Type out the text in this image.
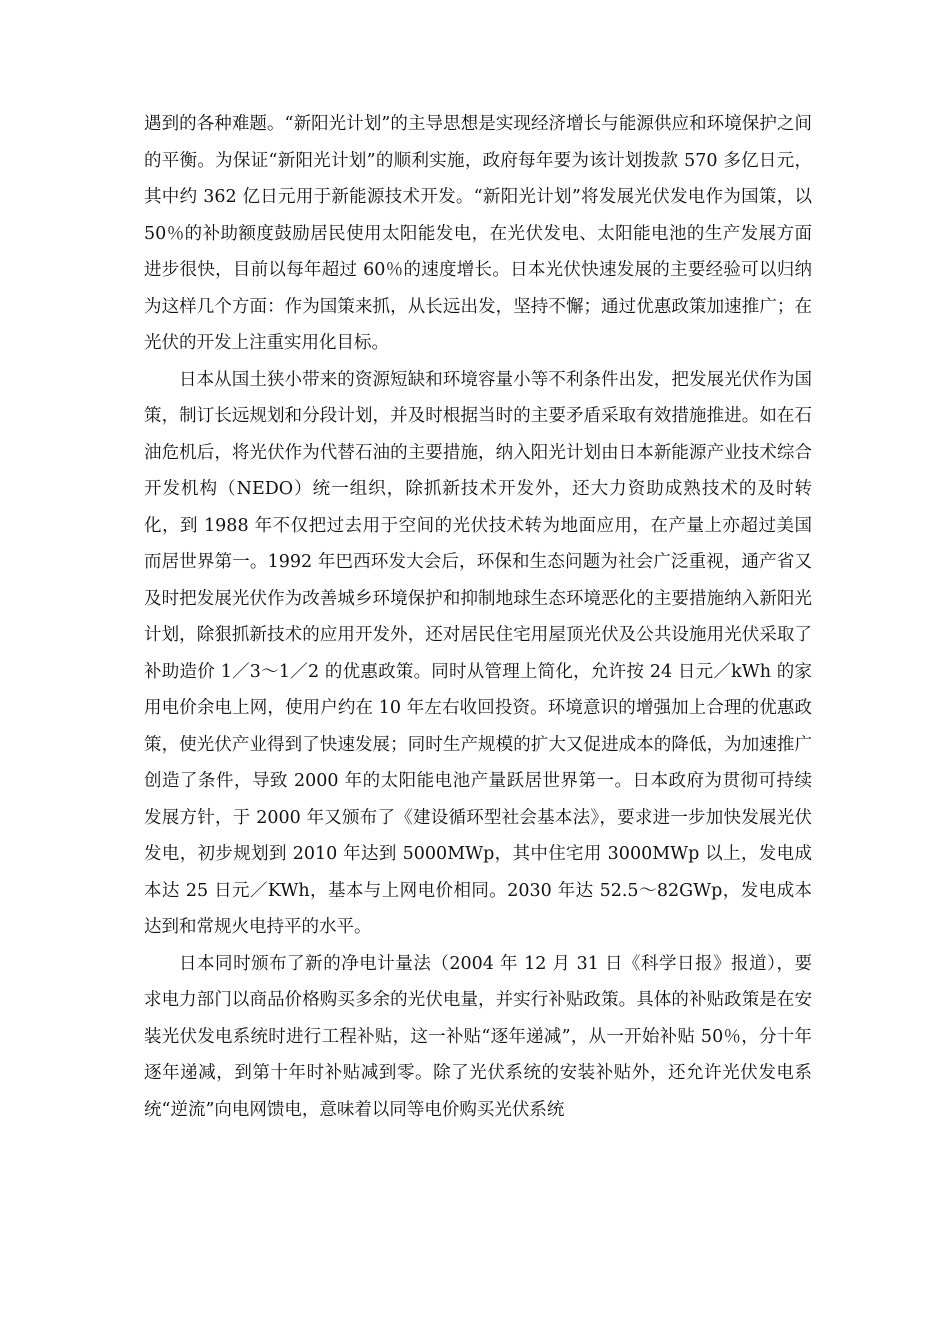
遇到的各种难题。“新阳光计划”的主导思想是实现经济增长与能源供应和环境保护之间的平衡。为保证“新阳光计划”的顺利实施，政府每年要为该计划拨款 570 多亿日元，其中约 362 亿日元用于新能源技术开发。“新阳光计划”将发展光伏发电作为国策，以 50％的补助额度鼓励居民使用太阳能发电，在光伏发电、太阳能电池的生产发展方面进步很快，目前以每年超过 60％的速度增长。日本光伏快速发展的主要经验可以归纳为这样几个方面：作为国策来抓，从长远出发，坚持不懈；通过优惠政策加速推广；在光伏的开发上注重实用化目标。

日本从国土狭小带来的资源短缺和环境容量小等不利条件出发，把发展光伏作为国策，制订长远规划和分段计划，并及时根据当时的主要矛盾采取有效措施推进。如在石油危机后，将光伏作为代替石油的主要措施，纳入阳光计划由日本新能源产业技术综合开发机构（NEDO）统一组织，除抓新技术开发外，还大力资助成熟技术的及时转化，到 1988 年不仅把过去用于空间的光伏技术转为地面应用，在产量上亦超过美国而居世界第一。1992 年巴西环发大会后，环保和生态问题为社会广泛重视，通产省又及时把发展光伏作为改善城乡环境保护和抑制地球生态环境恶化的主要措施纳入新阳光计划，除狠抓新技术的应用开发外，还对居民住宅用屋顶光伏及公共设施用光伏采取了补助造价 1／3～1／2 的优惠政策。同时从管理上简化，允许按 24 日元／kWh 的家用电价余电上网，使用户约在 10 年左右收回投资。环境意识的增强加上合理的优惠政策，使光伏产业得到了快速发展；同时生产规模的扩大又促进成本的降低，为加速推广创造了条件，导致 2000 年的太阳能电池产量跃居世界第一。日本政府为贯彻可持续发展方针，于 2000 年又颁布了《建设循环型社会基本法》，要求进一步加快发展光伏发电，初步规划到 2010 年达到 5000MWp，其中住宅用 3000MWp 以上，发电成本达 25 日元／KWh，基本与上网电价相同。2030 年达 52.5～82GWp，发电成本达到和常规火电持平的水平。

日本同时颁布了新的净电计量法（2004 年 12 月 31 日《科学日报》报道），要求电力部门以商品价格购买多余的光伏电量，并实行补贴政策。具体的补贴政策是在安装光伏发电系统时进行工程补贴，这一补贴“逐年递减”，从一开始补贴 50％，分十年逐年递减，到第十年时补贴减到零。除了光伏系统的安装补贴外，还允许光伏发电系统“逆流”向电网馈电，意味着以同等电价购买光伏系统
